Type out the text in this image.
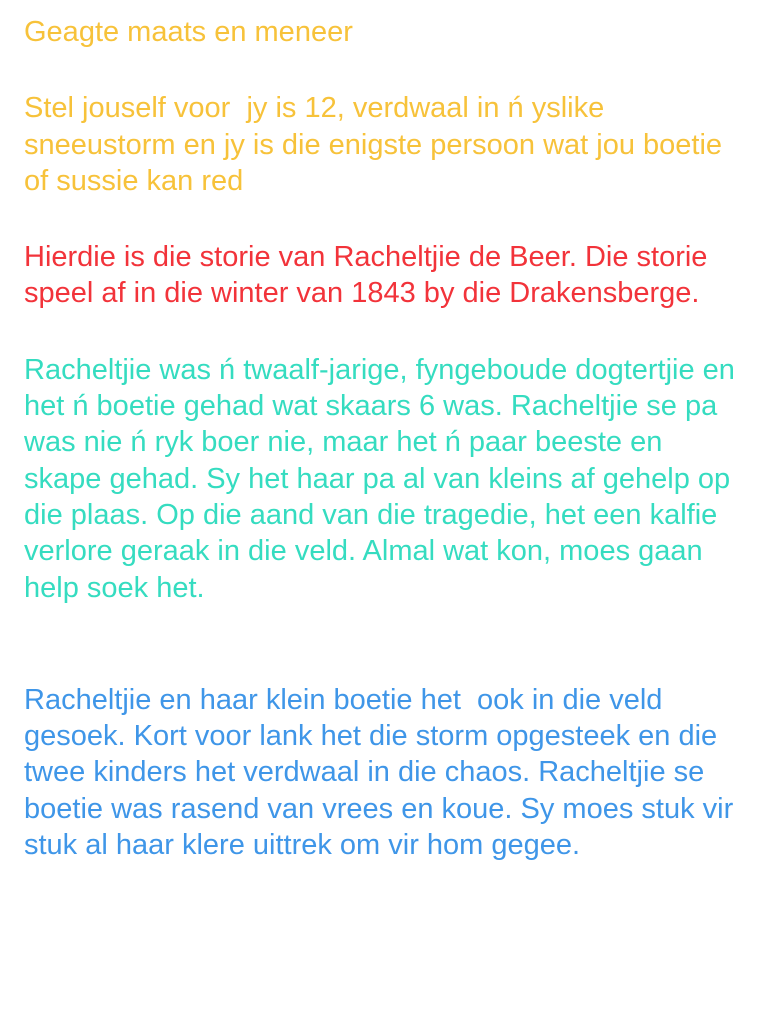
Geagte maats en meneer

Stel jouself voor  jy is 12, verdwaal in ń yslike sneeustorm en jy is die enigste persoon wat jou boetie of sussie kan red

Hierdie is die storie van Racheltjie de Beer. Die storie speel af in die winter van 1843 by die Drakensberge.

Racheltjie was ń twaalf-jarige, fyngeboude dogtertjie en het ń boetie gehad wat skaars 6 was. Racheltjie se pa was nie ń ryk boer nie, maar het ń paar beeste en skape gehad. Sy het haar pa al van kleins af gehelp op die plaas. Op die aand van die tragedie, het een kalfie verlore geraak in die veld. Almal wat kon, moes gaan help soek het.

Racheltjie en haar klein boetie het  ook in die veld gesoek. Kort voor lank het die storm opgesteek en die twee kinders het verdwaal in die chaos. Racheltjie se boetie was rasend van vrees en koue. Sy moes stuk vir stuk al haar klere uittrek om vir hom gegee.
